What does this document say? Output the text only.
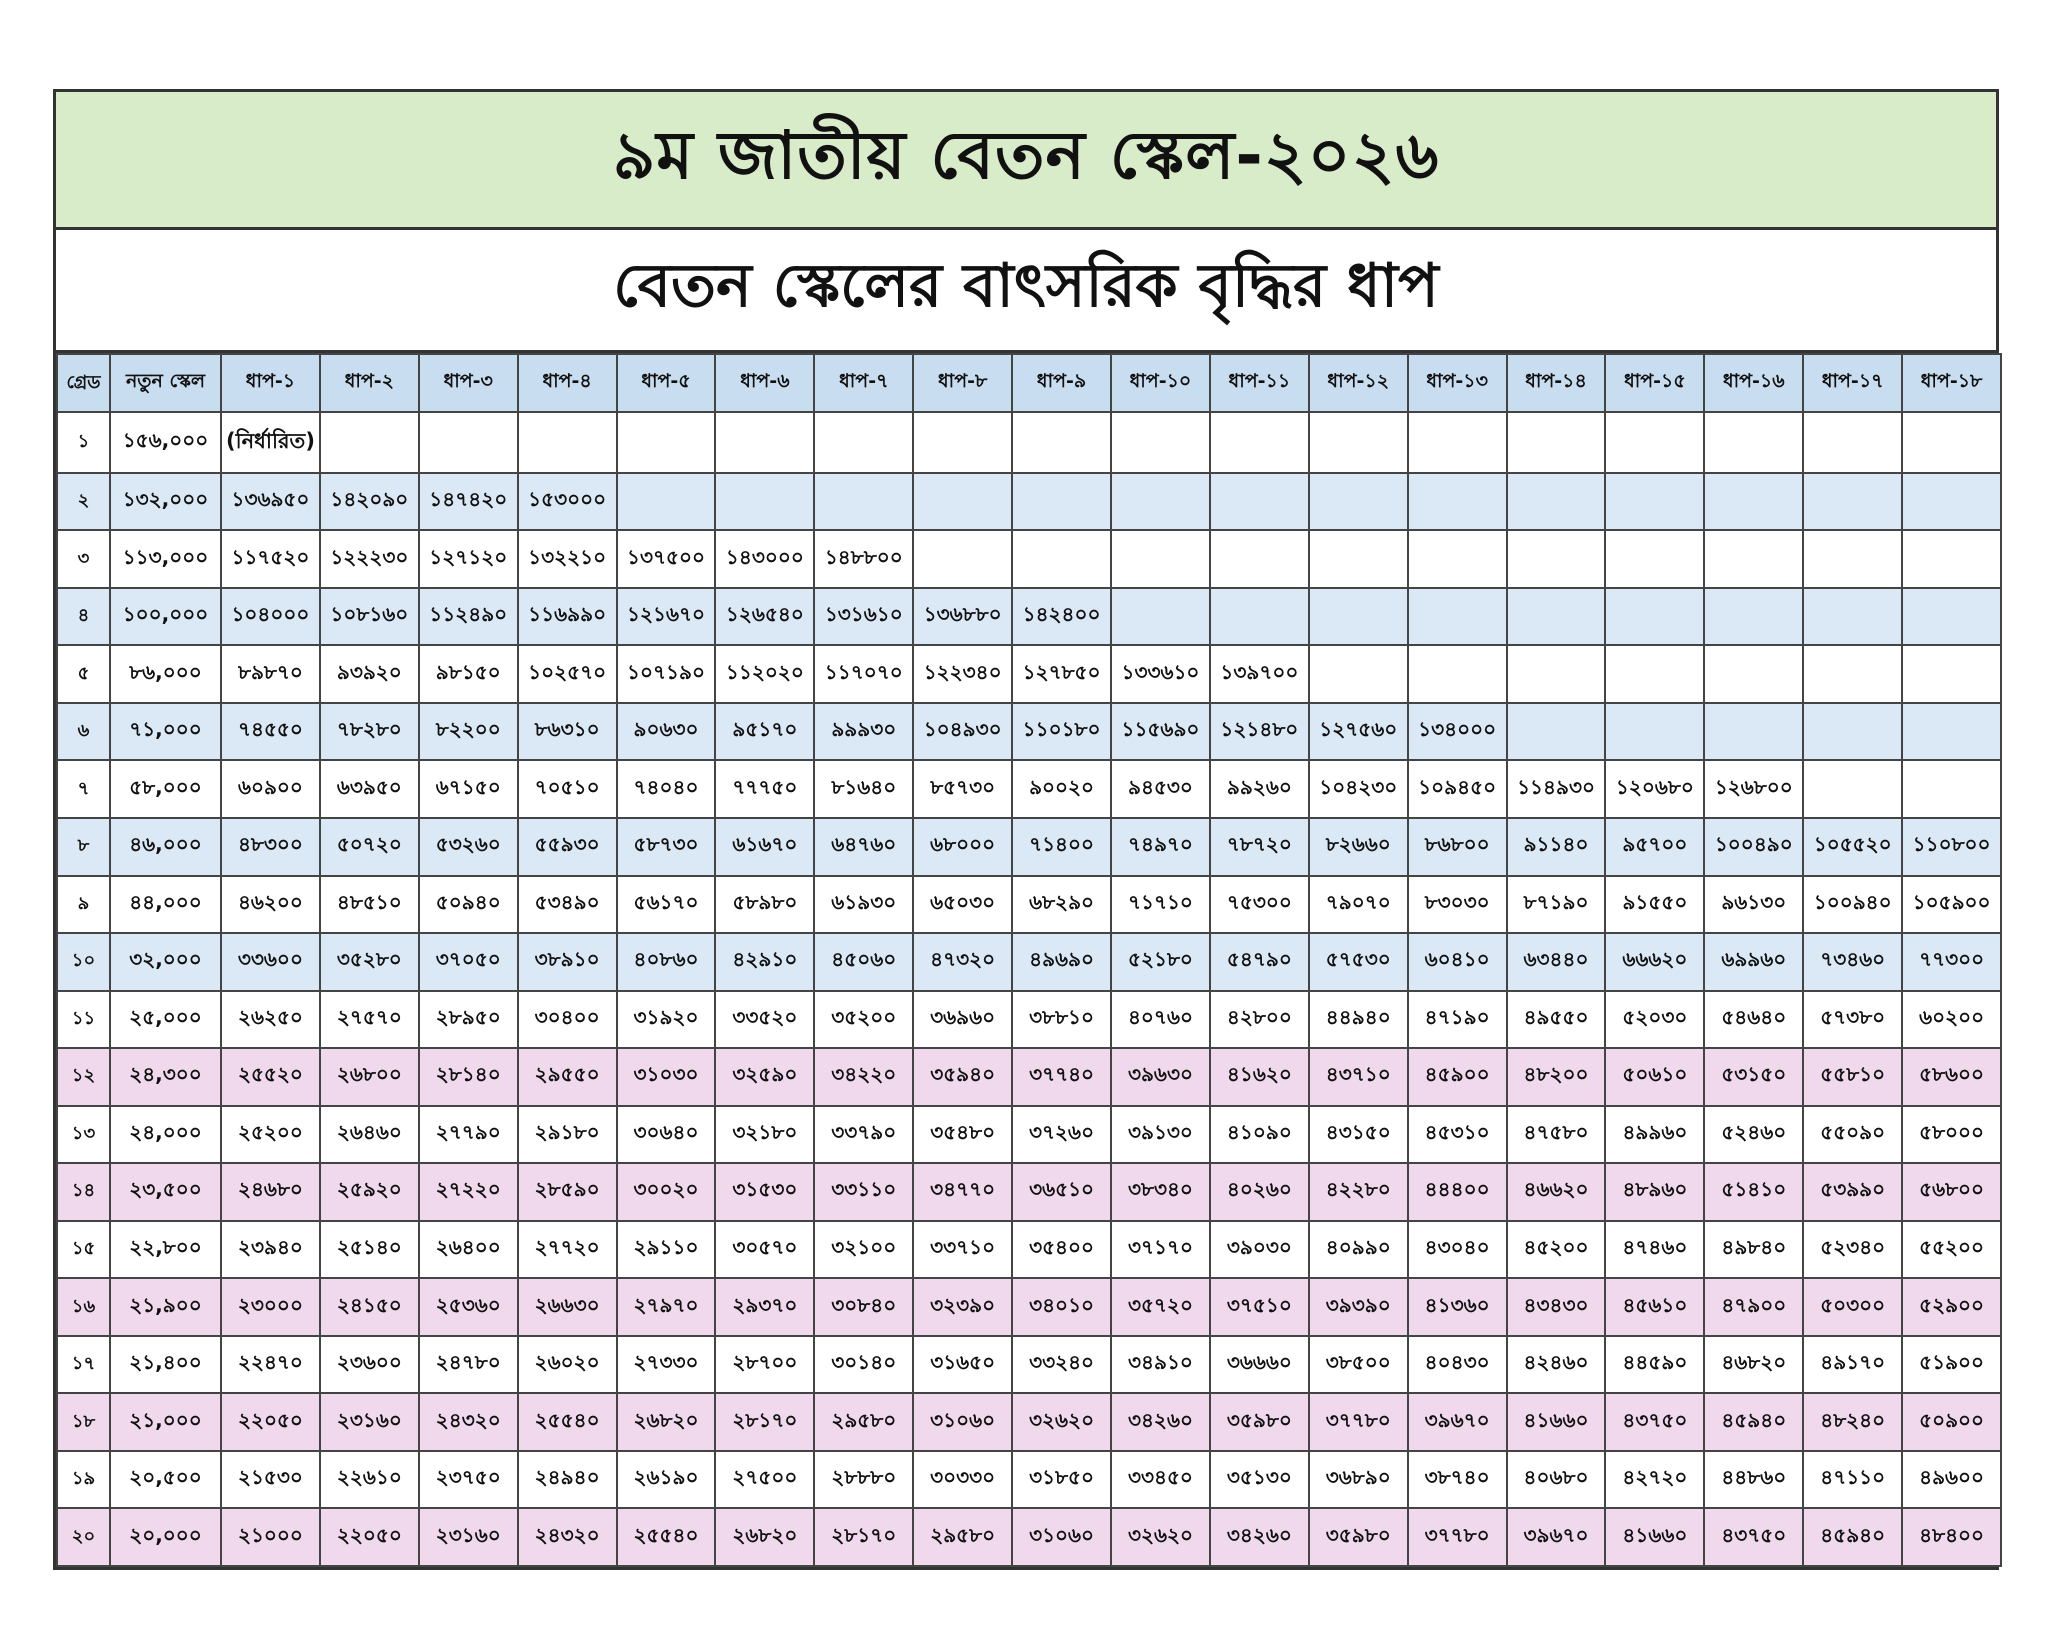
৯ম জাতীয় বেতন স্কেল-২০২৬
বেতন স্কেলের বাৎসরিক বৃদ্ধির ধাপ
গ্রেড	নতুন স্কেল	ধাপ-১	ধাপ-২	ধাপ-৩	ধাপ-৪	ধাপ-৫	ধাপ-৬	ধাপ-৭	ধাপ-৮	ধাপ-৯	ধাপ-১০	ধাপ-১১	ধাপ-১২	ধাপ-১৩	ধাপ-১৪	ধাপ-১৫	ধাপ-১৬	ধাপ-১৭	ধাপ-১৮
১	১৫৬,০০০	(নির্ধারিত)																	
২	১৩২,০০০	১৩৬৯৫০	১৪২০৯০	১৪৭৪২০	১৫৩০০০														
৩	১১৩,০০০	১১৭৫২০	১২২২৩০	১২৭১২০	১৩২২১০	১৩৭৫০০	১৪৩০০০	১৪৮৮০০											
৪	১০০,০০০	১০৪০০০	১০৮১৬০	১১২৪৯০	১১৬৯৯০	১২১৬৭০	১২৬৫৪০	১৩১৬১০	১৩৬৮৮০	১৪২৪০০									
৫	৮৬,০০০	৮৯৮৭০	৯৩৯২০	৯৮১৫০	১০২৫৭০	১০৭১৯০	১১২০২০	১১৭০৭০	১২২৩৪০	১২৭৮৫০	১৩৩৬১০	১৩৯৭০০							
৬	৭১,০০০	৭৪৫৫০	৭৮২৮০	৮২২০০	৮৬৩১০	৯০৬৩০	৯৫১৭০	৯৯৯৩০	১০৪৯৩০	১১০১৮০	১১৫৬৯০	১২১৪৮০	১২৭৫৬০	১৩৪০০০					
৭	৫৮,০০০	৬০৯০০	৬৩৯৫০	৬৭১৫০	৭০৫১০	৭৪০৪০	৭৭৭৫০	৮১৬৪০	৮৫৭৩০	৯০০২০	৯৪৫৩০	৯৯২৬০	১০৪২৩০	১০৯৪৫০	১১৪৯৩০	১২০৬৮০	১২৬৮০০		
৮	৪৬,০০০	৪৮৩০০	৫০৭২০	৫৩২৬০	৫৫৯৩০	৫৮৭৩০	৬১৬৭০	৬৪৭৬০	৬৮০০০	৭১৪০০	৭৪৯৭০	৭৮৭২০	৮২৬৬০	৮৬৮০০	৯১১৪০	৯৫৭০০	১০০৪৯০	১০৫৫২০	১১০৮০০
৯	৪৪,০০০	৪৬২০০	৪৮৫১০	৫০৯৪০	৫৩৪৯০	৫৬১৭০	৫৮৯৮০	৬১৯৩০	৬৫০৩০	৬৮২৯০	৭১৭১০	৭৫৩০০	৭৯০৭০	৮৩০৩০	৮৭১৯০	৯১৫৫০	৯৬১৩০	১০০৯৪০	১০৫৯০০
১০	৩২,০০০	৩৩৬০০	৩৫২৮০	৩৭০৫০	৩৮৯১০	৪০৮৬০	৪২৯১০	৪৫০৬০	৪৭৩২০	৪৯৬৯০	৫২১৮০	৫৪৭৯০	৫৭৫৩০	৬০৪১০	৬৩৪৪০	৬৬৬২০	৬৯৯৬০	৭৩৪৬০	৭৭৩০০
১১	২৫,০০০	২৬২৫০	২৭৫৭০	২৮৯৫০	৩০৪০০	৩১৯২০	৩৩৫২০	৩৫২০০	৩৬৯৬০	৩৮৮১০	৪০৭৬০	৪২৮০০	৪৪৯৪০	৪৭১৯০	৪৯৫৫০	৫২০৩০	৫৪৬৪০	৫৭৩৮০	৬০২০০
১২	২৪,৩০০	২৫৫২০	২৬৮০০	২৮১৪০	২৯৫৫০	৩১০৩০	৩২৫৯০	৩৪২২০	৩৫৯৪০	৩৭৭৪০	৩৯৬৩০	৪১৬২০	৪৩৭১০	৪৫৯০০	৪৮২০০	৫০৬১০	৫৩১৫০	৫৫৮১০	৫৮৬০০
১৩	২৪,০০০	২৫২০০	২৬৪৬০	২৭৭৯০	২৯১৮০	৩০৬৪০	৩২১৮০	৩৩৭৯০	৩৫৪৮০	৩৭২৬০	৩৯১৩০	৪১০৯০	৪৩১৫০	৪৫৩১০	৪৭৫৮০	৪৯৯৬০	৫২৪৬০	৫৫০৯০	৫৮০০০
১৪	২৩,৫০০	২৪৬৮০	২৫৯২০	২৭২২০	২৮৫৯০	৩০০২০	৩১৫৩০	৩৩১১০	৩৪৭৭০	৩৬৫১০	৩৮৩৪০	৪০২৬০	৪২২৮০	৪৪৪০০	৪৬৬২০	৪৮৯৬০	৫১৪১০	৫৩৯৯০	৫৬৮০০
১৫	২২,৮০০	২৩৯৪০	২৫১৪০	২৬৪০০	২৭৭২০	২৯১১০	৩০৫৭০	৩২১০০	৩৩৭১০	৩৫৪০০	৩৭১৭০	৩৯০৩০	৪০৯৯০	৪৩০৪০	৪৫২০০	৪৭৪৬০	৪৯৮৪০	৫২৩৪০	৫৫২০০
১৬	২১,৯০০	২৩০০০	২৪১৫০	২৫৩৬০	২৬৬৩০	২৭৯৭০	২৯৩৭০	৩০৮৪০	৩২৩৯০	৩৪০১০	৩৫৭২০	৩৭৫১০	৩৯৩৯০	৪১৩৬০	৪৩৪৩০	৪৫৬১০	৪৭৯০০	৫০৩০০	৫২৯০০
১৭	২১,৪০০	২২৪৭০	২৩৬০০	২৪৭৮০	২৬০২০	২৭৩৩০	২৮৭০০	৩০১৪০	৩১৬৫০	৩৩২৪০	৩৪৯১০	৩৬৬৬০	৩৮৫০০	৪০৪৩০	৪২৪৬০	৪৪৫৯০	৪৬৮২০	৪৯১৭০	৫১৯০০
১৮	২১,০০০	২২০৫০	২৩১৬০	২৪৩২০	২৫৫৪০	২৬৮২০	২৮১৭০	২৯৫৮০	৩১০৬০	৩২৬২০	৩৪২৬০	৩৫৯৮০	৩৭৭৮০	৩৯৬৭০	৪১৬৬০	৪৩৭৫০	৪৫৯৪০	৪৮২৪০	৫০৯০০
১৯	২০,৫০০	২১৫৩০	২২৬১০	২৩৭৫০	২৪৯৪০	২৬১৯০	২৭৫০০	২৮৮৮০	৩০৩৩০	৩১৮৫০	৩৩৪৫০	৩৫১৩০	৩৬৮৯০	৩৮৭৪০	৪০৬৮০	৪২৭২০	৪৪৮৬০	৪৭১১০	৪৯৬০০
২০	২০,০০০	২১০০০	২২০৫০	২৩১৬০	২৪৩২০	২৫৫৪০	২৬৮২০	২৮১৭০	২৯৫৮০	৩১০৬০	৩২৬২০	৩৪২৬০	৩৫৯৮০	৩৭৭৮০	৩৯৬৭০	৪১৬৬০	৪৩৭৫০	৪৫৯৪০	৪৮৪০০
